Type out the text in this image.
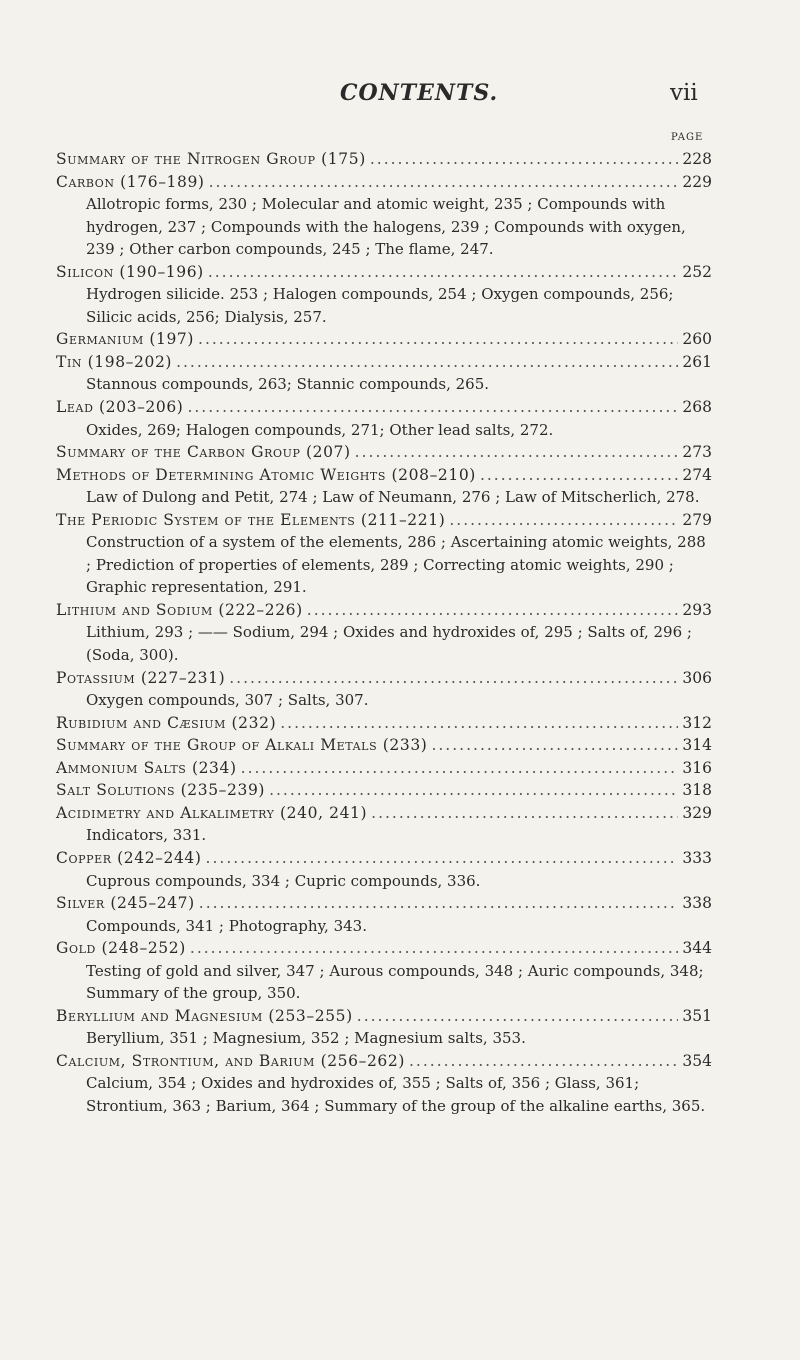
CONTENTS.	vii
PAGE
Summary of the Nitrogen Group (175) .....	228
Carbon (176–189) .....	229
Allotropic forms, 230 ; Molecular and atomic weight, 235 ; Compounds with hydrogen, 237 ; Compounds with the halogens, 239 ; Compounds with oxygen, 239 ; Other carbon compounds, 245 ; The flame, 247.
Silicon (190–196) .....	252
Hydrogen silicide. 253 ; Halogen compounds, 254 ; Oxygen compounds, 256; Silicic acids, 256; Dialysis, 257.
Germanium (197) .....	260
Tin (198–202) .....	261
Stannous compounds, 263; Stannic compounds, 265.
Lead (203–206) .....	268
Oxides, 269; Halogen compounds, 271; Other lead salts, 272.
Summary of the Carbon Group (207) .....	273
Methods of Determining Atomic Weights (208–210) .....	274
Law of Dulong and Petit, 274 ; Law of Neumann, 276 ; Law of Mitscherlich, 278.
The Periodic System of the Elements (211–221) .....	279
Construction of a system of the elements, 286 ; Ascertaining atomic weights, 288 ; Prediction of properties of elements, 289 ; Correcting atomic weights, 290 ; Graphic representation, 291.
Lithium and Sodium (222–226) .....	293
Lithium, 293 ; —— Sodium, 294 ; Oxides and hydroxides of, 295 ; Salts of, 296 ; (Soda, 300).
Potassium (227–231) .....	306
Oxygen compounds, 307 ; Salts, 307.
Rubidium and Cæsium (232) .....	312
Summary of the Group of Alkali Metals (233) .....	314
Ammonium Salts (234) .....	316
Salt Solutions (235–239) .....	318
Acidimetry and Alkalimetry (240, 241) .....	329
Indicators, 331.
Copper (242–244) .....	333
Cuprous compounds, 334 ; Cupric compounds, 336.
Silver (245–247) .....	338
Compounds, 341 ; Photography, 343.
Gold (248–252) .....	344
Testing of gold and silver, 347 ; Aurous compounds, 348 ; Auric compounds, 348; Summary of the group, 350.
Beryllium and Magnesium (253–255) .....	351
Beryllium, 351 ; Magnesium, 352 ; Magnesium salts, 353.
Calcium, Strontium, and Barium (256–262) .....	354
Calcium, 354 ; Oxides and hydroxides of, 355 ; Salts of, 356 ; Glass, 361; Strontium, 363 ; Barium, 364 ; Summary of the group of the alkaline earths, 365.
